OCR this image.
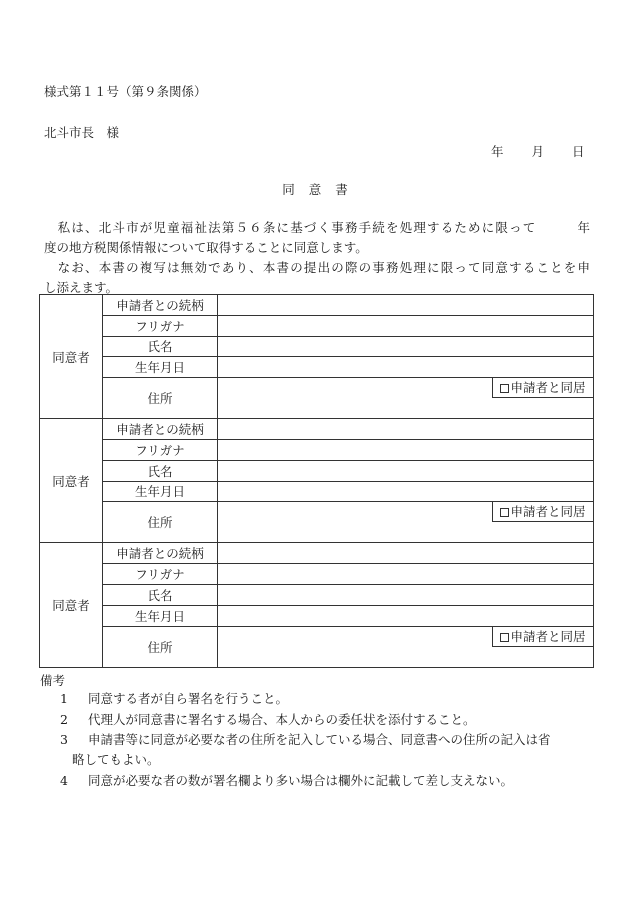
様式第１１号（第９条関係）
北斗市長　様
年 月 日
同意書
　私は、北斗市が児童福祉法第５６条に基づく事務手続を処理するために限って　　　年
度の地方税関係情報について取得することに同意します。
　なお、本書の複写は無効であり、本書の提出の際の事務処理に限って同意することを申
し添えます。
同意者	申請者との続柄	
	フリガナ	
	氏名	
	生年月日	
	住所	申請者と同居

同意者	申請者との続柄	
	フリガナ	
	氏名	
	生年月日	
	住所	申請者と同居

同意者	申請者との続柄	
	フリガナ	
	氏名	
	生年月日	
	住所	申請者と同居
備考
1 同意する者が自ら署名を行うこと。
2 代理人が同意書に署名する場合、本人からの委任状を添付すること。
3 申請書等に同意が必要な者の住所を記入している場合、同意書への住所の記入は省
略してもよい。
4 同意が必要な者の数が署名欄より多い場合は欄外に記載して差し支えない。
